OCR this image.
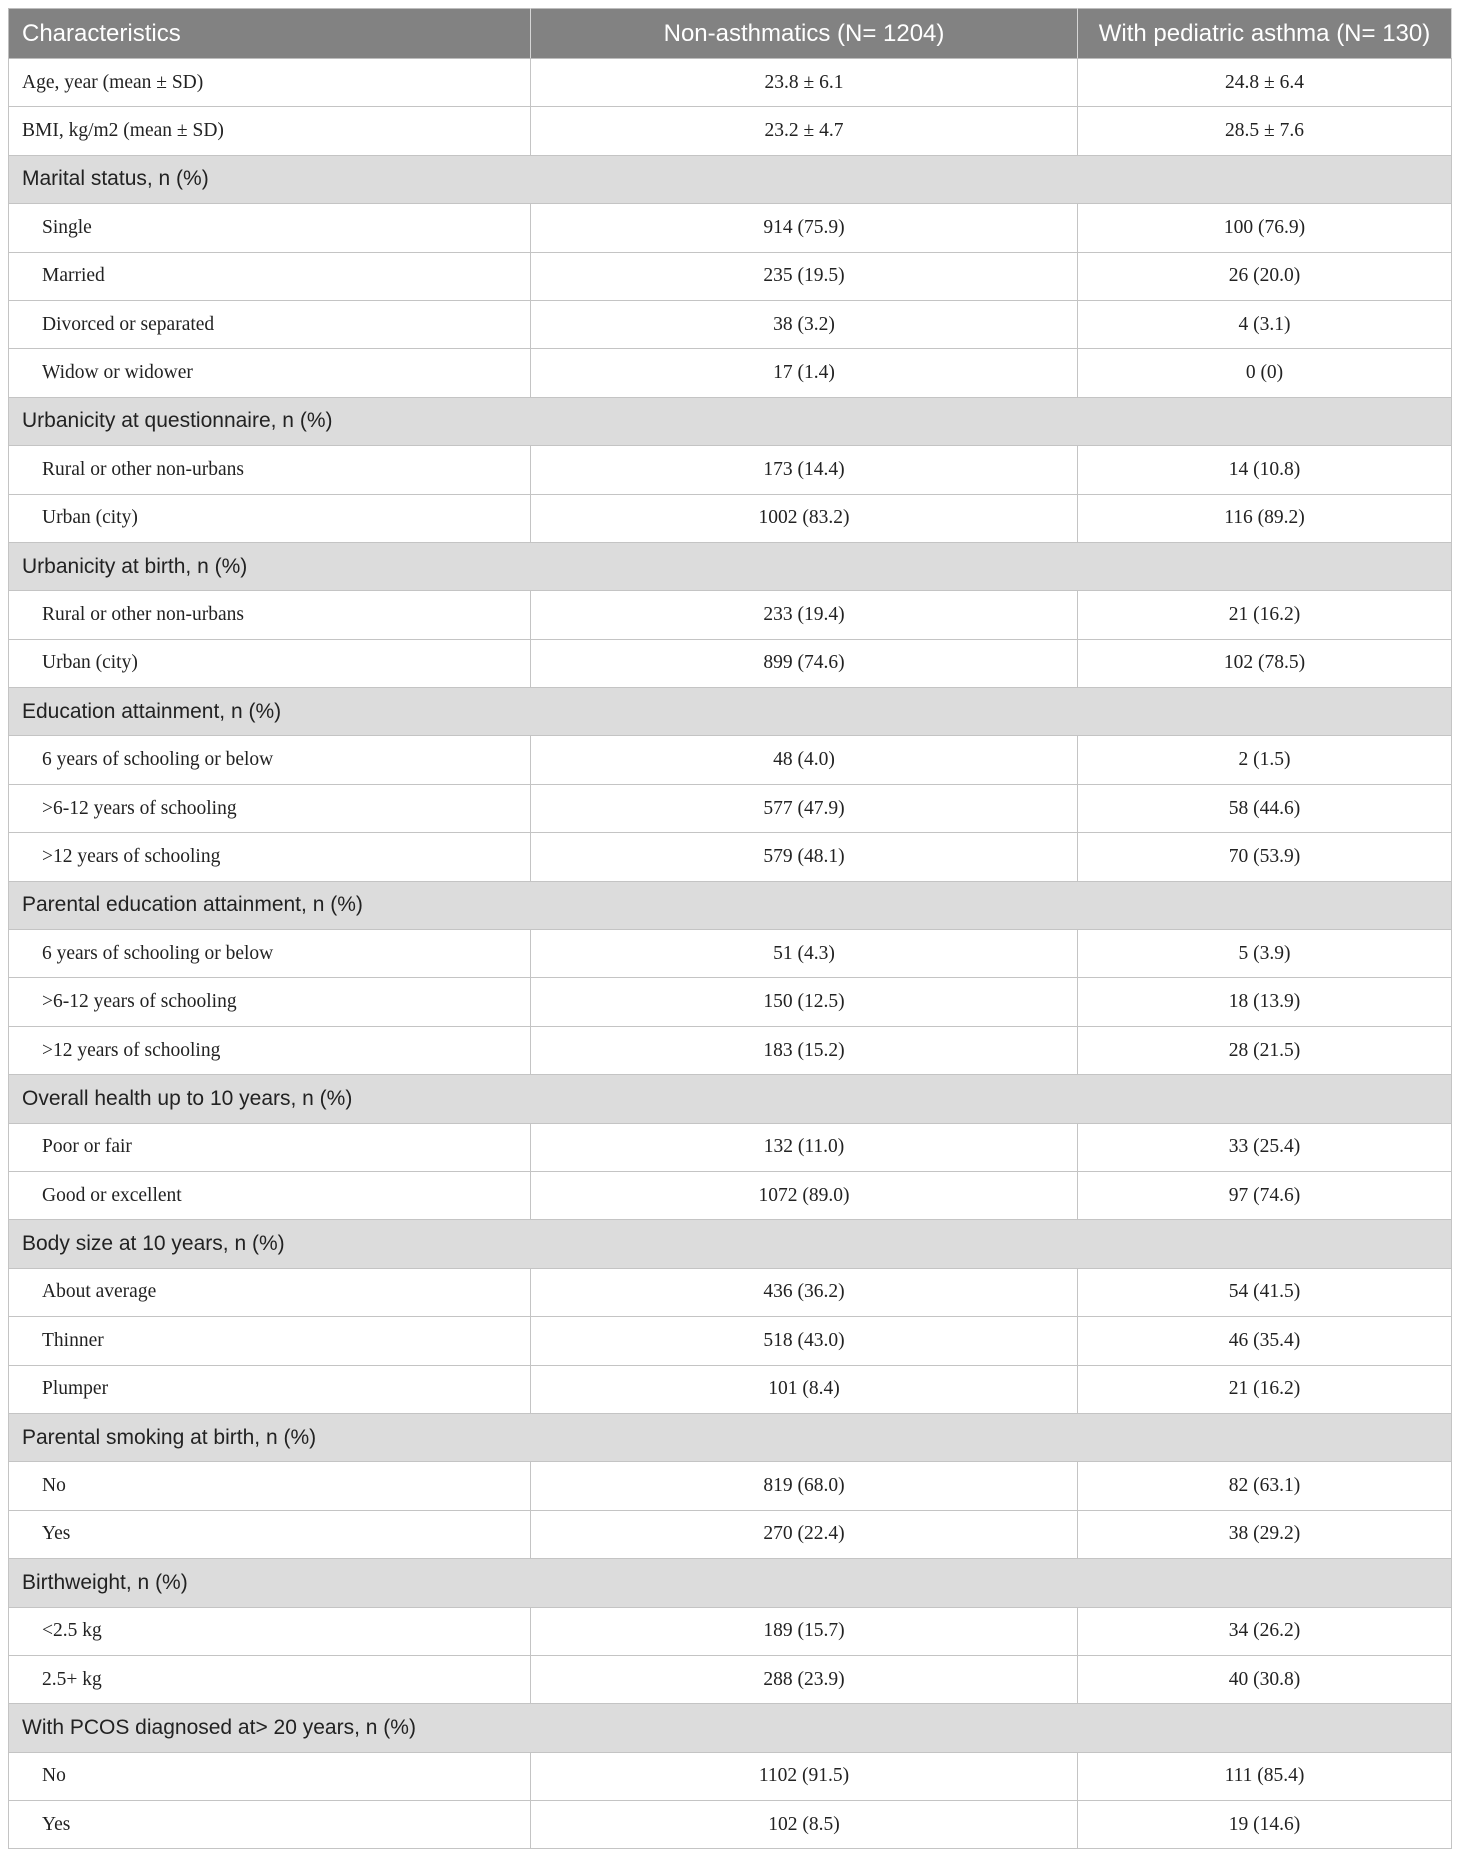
Characteristics	Non-asthmatics (N= 1204)	With pediatric asthma (N= 130)
Age, year (mean ± SD)	23.8 ± 6.1	24.8 ± 6.4
BMI, kg/m2 (mean ± SD)	23.2 ± 4.7	28.5 ± 7.6
Marital status, n (%)		
Single	914 (75.9)	100 (76.9)
Married	235 (19.5)	26 (20.0)
Divorced or separated	38 (3.2)	4 (3.1)
Widow or widower	17 (1.4)	0 (0)
Urbanicity at questionnaire, n (%)		
Rural or other non-urbans	173 (14.4)	14 (10.8)
Urban (city)	1002 (83.2)	116 (89.2)
Urbanicity at birth, n (%)		
Rural or other non-urbans	233 (19.4)	21 (16.2)
Urban (city)	899 (74.6)	102 (78.5)
Education attainment, n (%)		
6 years of schooling or below	48 (4.0)	2 (1.5)
>6-12 years of schooling	577 (47.9)	58 (44.6)
>12 years of schooling	579 (48.1)	70 (53.9)
Parental education attainment, n (%)		
6 years of schooling or below	51 (4.3)	5 (3.9)
>6-12 years of schooling	150 (12.5)	18 (13.9)
>12 years of schooling	183 (15.2)	28 (21.5)
Overall health up to 10 years, n (%)		
Poor or fair	132 (11.0)	33 (25.4)
Good or excellent	1072 (89.0)	97 (74.6)
Body size at 10 years, n (%)		
About average	436 (36.2)	54 (41.5)
Thinner	518 (43.0)	46 (35.4)
Plumper	101 (8.4)	21 (16.2)
Parental smoking at birth, n (%)		
No	819 (68.0)	82 (63.1)
Yes	270 (22.4)	38 (29.2)
Birthweight, n (%)		
<2.5 kg	189 (15.7)	34 (26.2)
2.5+ kg	288 (23.9)	40 (30.8)
With PCOS diagnosed at> 20 years, n (%)		
No	1102 (91.5)	111 (85.4)
Yes	102 (8.5)	19 (14.6)
